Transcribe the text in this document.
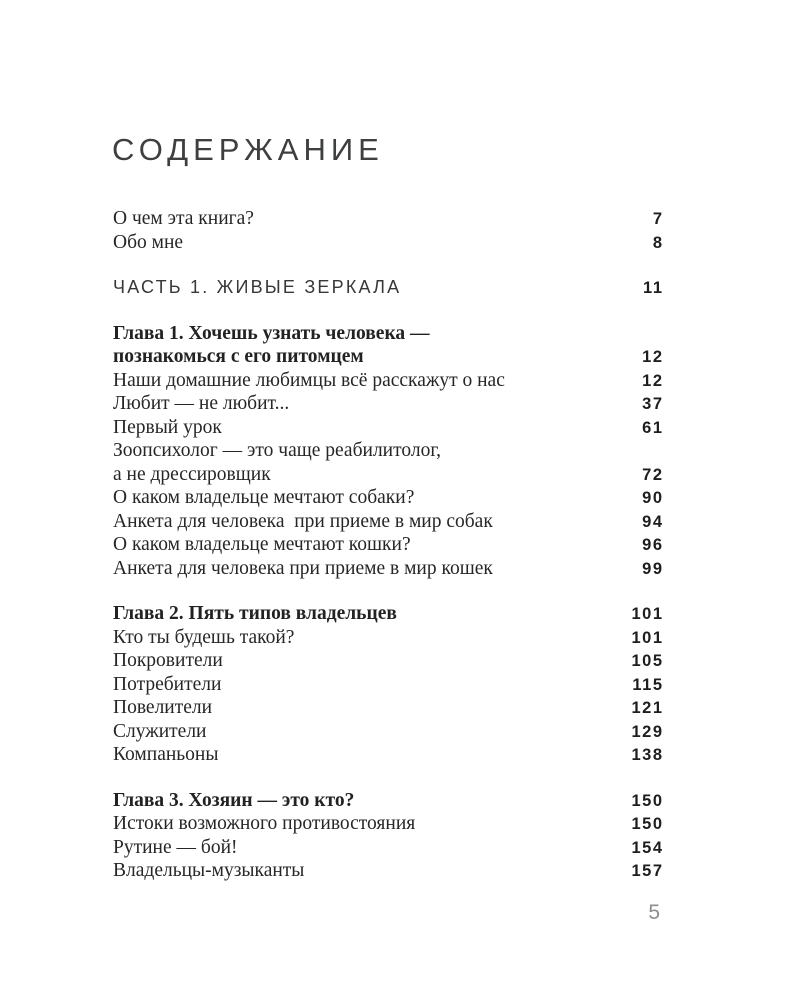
СОДЕРЖАНИЕ
О чем эта книга?	7
Обо мне	8
ЧАСТЬ 1. ЖИВЫЕ ЗЕРКАЛА	11
Глава 1. Хочешь узнать человека —
познакомься с его питомцем	12
Наши домашние любимцы всё расскажут о нас	12
Любит — не любит...	37
Первый урок	61
Зоопсихолог — это чаще реабилитолог,
а не дрессировщик	72
О каком владельце мечтают собаки?	90
Анкета для человека  при приеме в мир собак	94
О каком владельце мечтают кошки?	96
Анкета для человека при приеме в мир кошек	99
Глава 2. Пять типов владельцев	101
Кто ты будешь такой?	101
Покровители	105
Потребители	115
Повелители	121
Служители	129
Компаньоны	138
Глава 3. Хозяин — это кто?	150
Истоки возможного противостояния	150
Рутине — бой!	154
Владельцы-музыканты	157
5
